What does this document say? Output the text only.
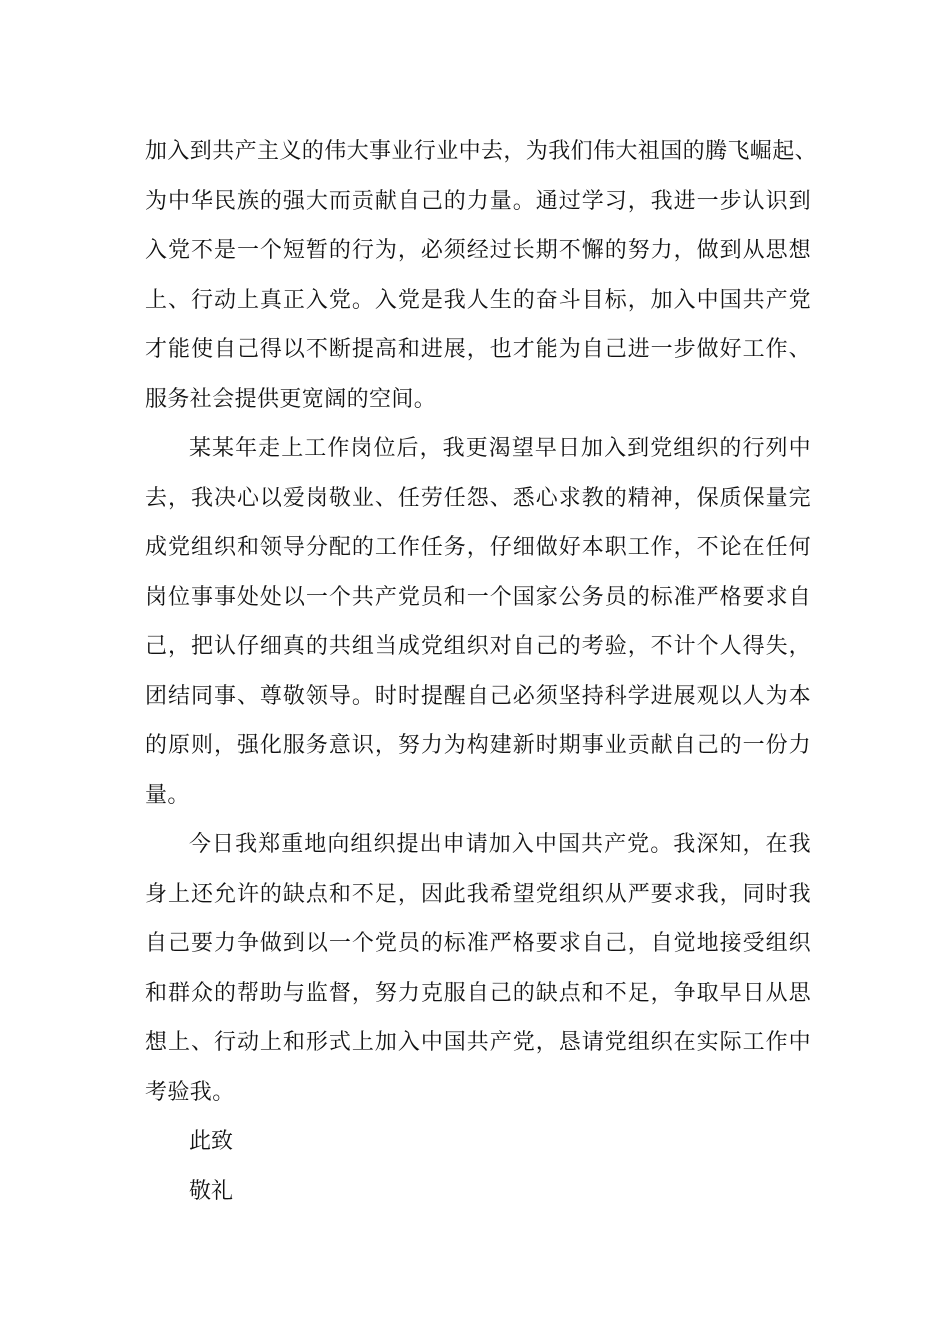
加入到共产主义的伟大事业行业中去，为我们伟大祖国的腾飞崛起、
为中华民族的强大而贡献自己的力量。通过学习，我进一步认识到
入党不是一个短暂的行为，必须经过长期不懈的努力，做到从思想
上、行动上真正入党。入党是我人生的奋斗目标，加入中国共产党
才能使自己得以不断提高和进展，也才能为自己进一步做好工作、
服务社会提供更宽阔的空间。
某某年走上工作岗位后，我更渴望早日加入到党组织的行列中
去，我决心以爱岗敬业、任劳任怨、悉心求教的精神，保质保量完
成党组织和领导分配的工作任务，仔细做好本职工作，不论在任何
岗位事事处处以一个共产党员和一个国家公务员的标准严格要求自
己，把认仔细真的共组当成党组织对自己的考验，不计个人得失，
团结同事、尊敬领导。时时提醒自己必须坚持科学进展观以人为本
的原则，强化服务意识，努力为构建新时期事业贡献自己的一份力
量。
今日我郑重地向组织提出申请加入中国共产党。我深知，在我
身上还允许的缺点和不足，因此我希望党组织从严要求我，同时我
自己要力争做到以一个党员的标准严格要求自己，自觉地接受组织
和群众的帮助与监督，努力克服自己的缺点和不足，争取早日从思
想上、行动上和形式上加入中国共产党，恳请党组织在实际工作中
考验我。
此致
敬礼
